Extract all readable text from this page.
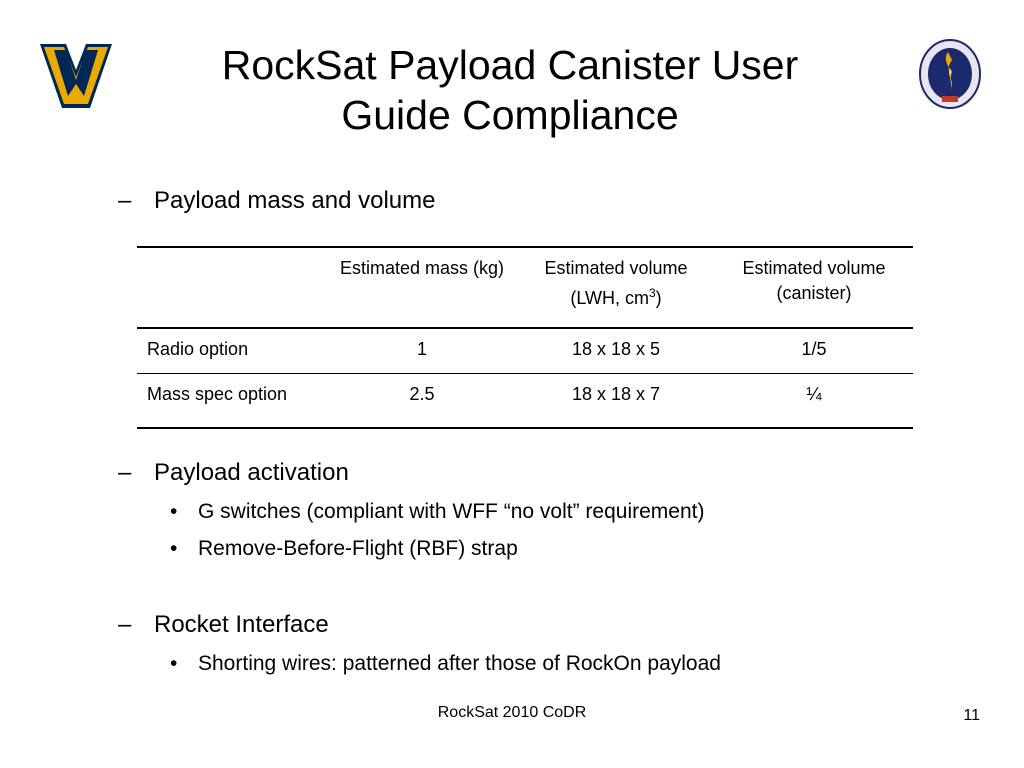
RockSat Payload Canister User
Guide Compliance
– Payload mass and volume
	Estimated mass (kg)	Estimated volume (LWH, $cm^3$)	Estimated volume (canister)
Radio option	1	18 x 18 x 5	1/5
Mass spec option	2.5	18 x 18 x 7	¼
– Payload activation
• G switches (compliant with WFF “no volt” requirement)
• Remove-Before-Flight (RBF) strap
– Rocket Interface
• Shorting wires: patterned after those of RockOn payload
RockSat 2010 CoDR	11
